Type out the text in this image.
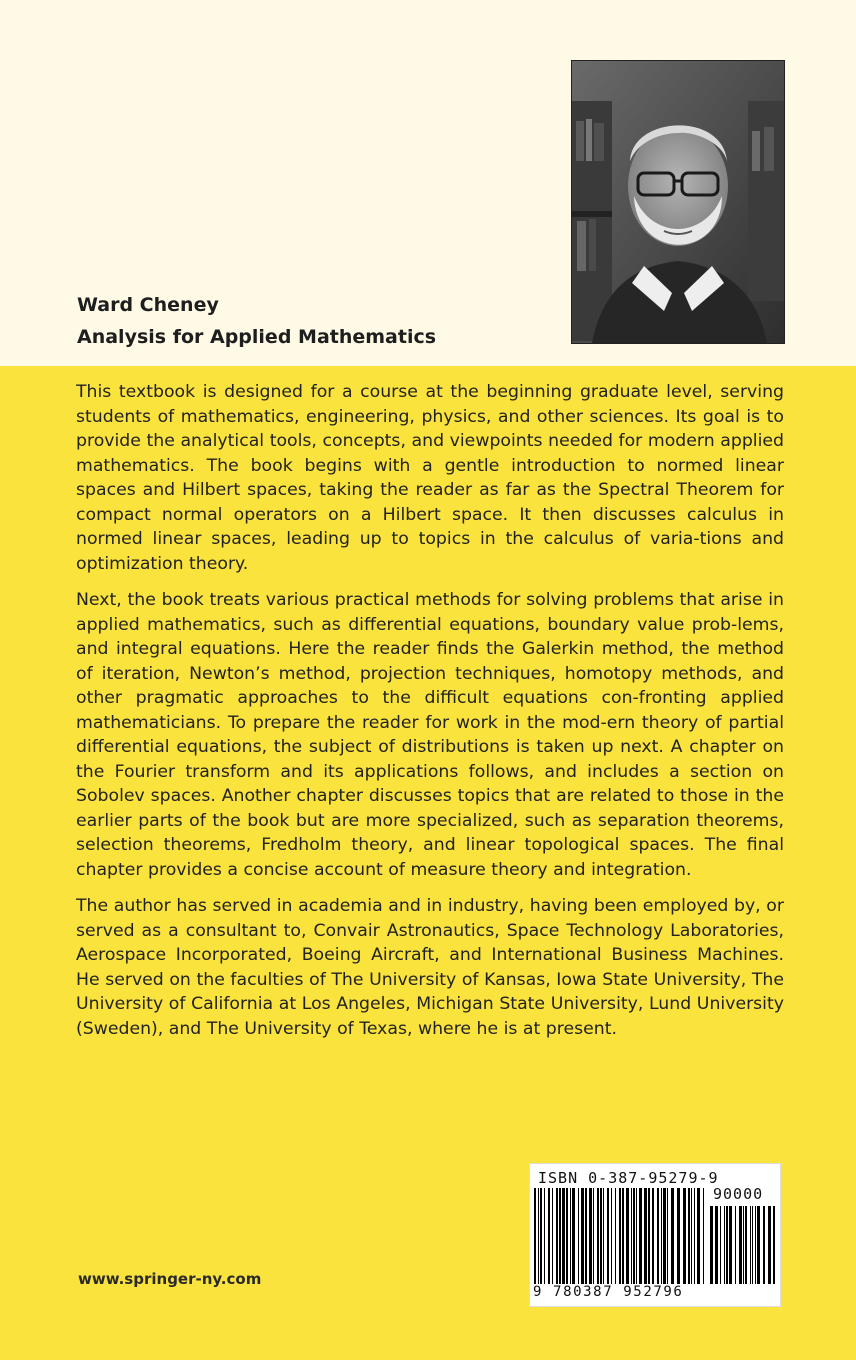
Ward Cheney
Analysis for Applied Mathematics

This textbook is designed for a course at the beginning graduate level, serving students of mathematics, engineering, physics, and other sciences. Its goal is to provide the analytical tools, concepts, and viewpoints needed for modern applied mathematics. The book begins with a gentle introduction to normed linear spaces and Hilbert spaces, taking the reader as far as the Spectral Theorem for compact normal operators on a Hilbert space. It then discusses calculus in normed linear spaces, leading up to topics in the calculus of varia-tions and optimization theory.

Next, the book treats various practical methods for solving problems that arise in applied mathematics, such as differential equations, boundary value prob-lems, and integral equations. Here the reader finds the Galerkin method, the method of iteration, Newton’s method, projection techniques, homotopy methods, and other pragmatic approaches to the difficult equations con-fronting applied mathematicians. To prepare the reader for work in the mod-ern theory of partial differential equations, the subject of distributions is taken up next. A chapter on the Fourier transform and its applications follows, and includes a section on Sobolev spaces. Another chapter discusses topics that are related to those in the earlier parts of the book but are more specialized, such as separation theorems, selection theorems, Fredholm theory, and linear topological spaces. The final chapter provides a concise account of measure theory and integration.

The author has served in academia and in industry, having been employed by, or served as a consultant to, Convair Astronautics, Space Technology Laboratories, Aerospace Incorporated, Boeing Aircraft, and International Business Machines. He served on the faculties of The University of Kansas, Iowa State University, The University of California at Los Angeles, Michigan State University, Lund University (Sweden), and The University of Texas, where he is at present.

www.springer-ny.com
ISBN 0-387-95279-9
90000
9 780387 952796
